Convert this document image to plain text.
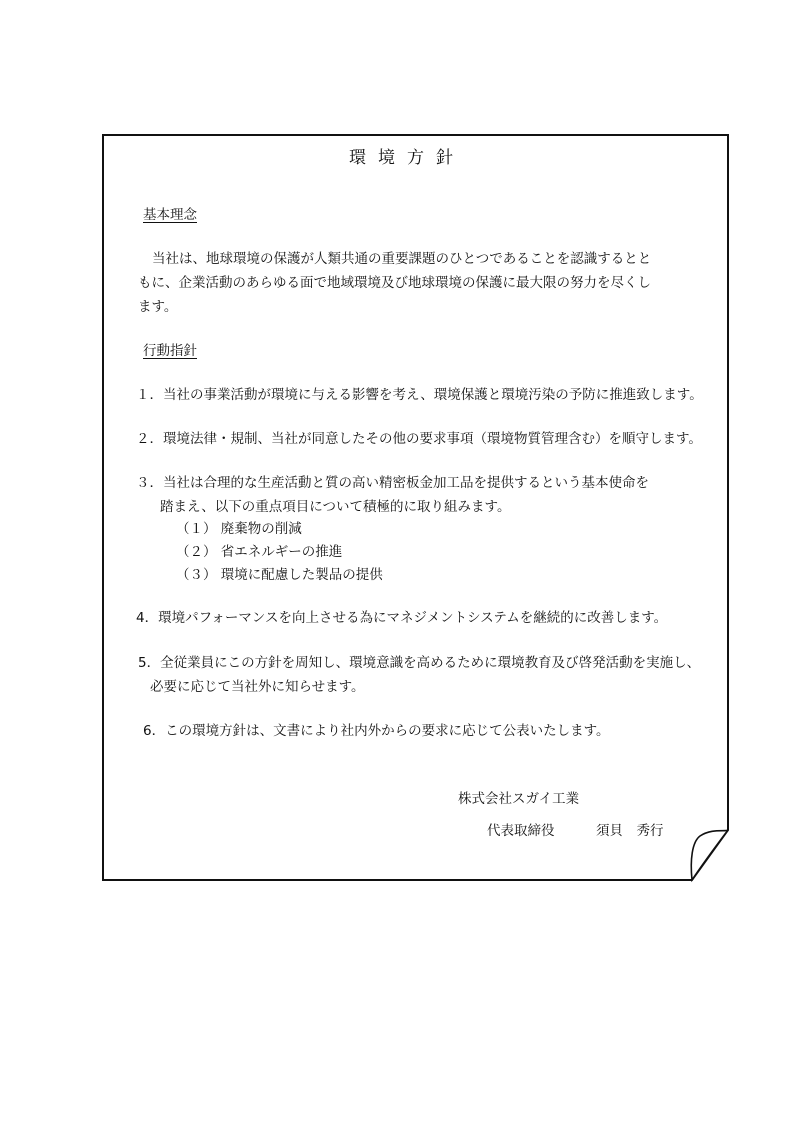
環境方針
基本理念
当社は、地球環境の保護が人類共通の重要課題のひとつであることを認識するとと
もに、企業活動のあらゆる面で地域環境及び地球環境の保護に最大限の努力を尽くし
ます。
行動指針
１．当社の事業活動が環境に与える影響を考え、環境保護と環境汚染の予防に推進致します。
２．環境法律・規制、当社が同意したその他の要求事項（環境物質管理含む）を順守します。
３．当社は合理的な生産活動と質の高い精密板金加工品を提供するという基本使命を
踏まえ、以下の重点項目について積極的に取り組みます。
（１） 廃棄物の削減
（２） 省エネルギーの推進
（３） 環境に配慮した製品の提供
4．環境パフォーマンスを向上させる為にマネジメントシステムを継続的に改善します。
5．全従業員にこの方針を周知し、環境意識を高めるために環境教育及び啓発活動を実施し、
必要に応じて当社外に知らせます。
6．この環境方針は、文書により社内外からの要求に応じて公表いたします。
株式会社スガイ工業
代表取締役	須貝　秀行
